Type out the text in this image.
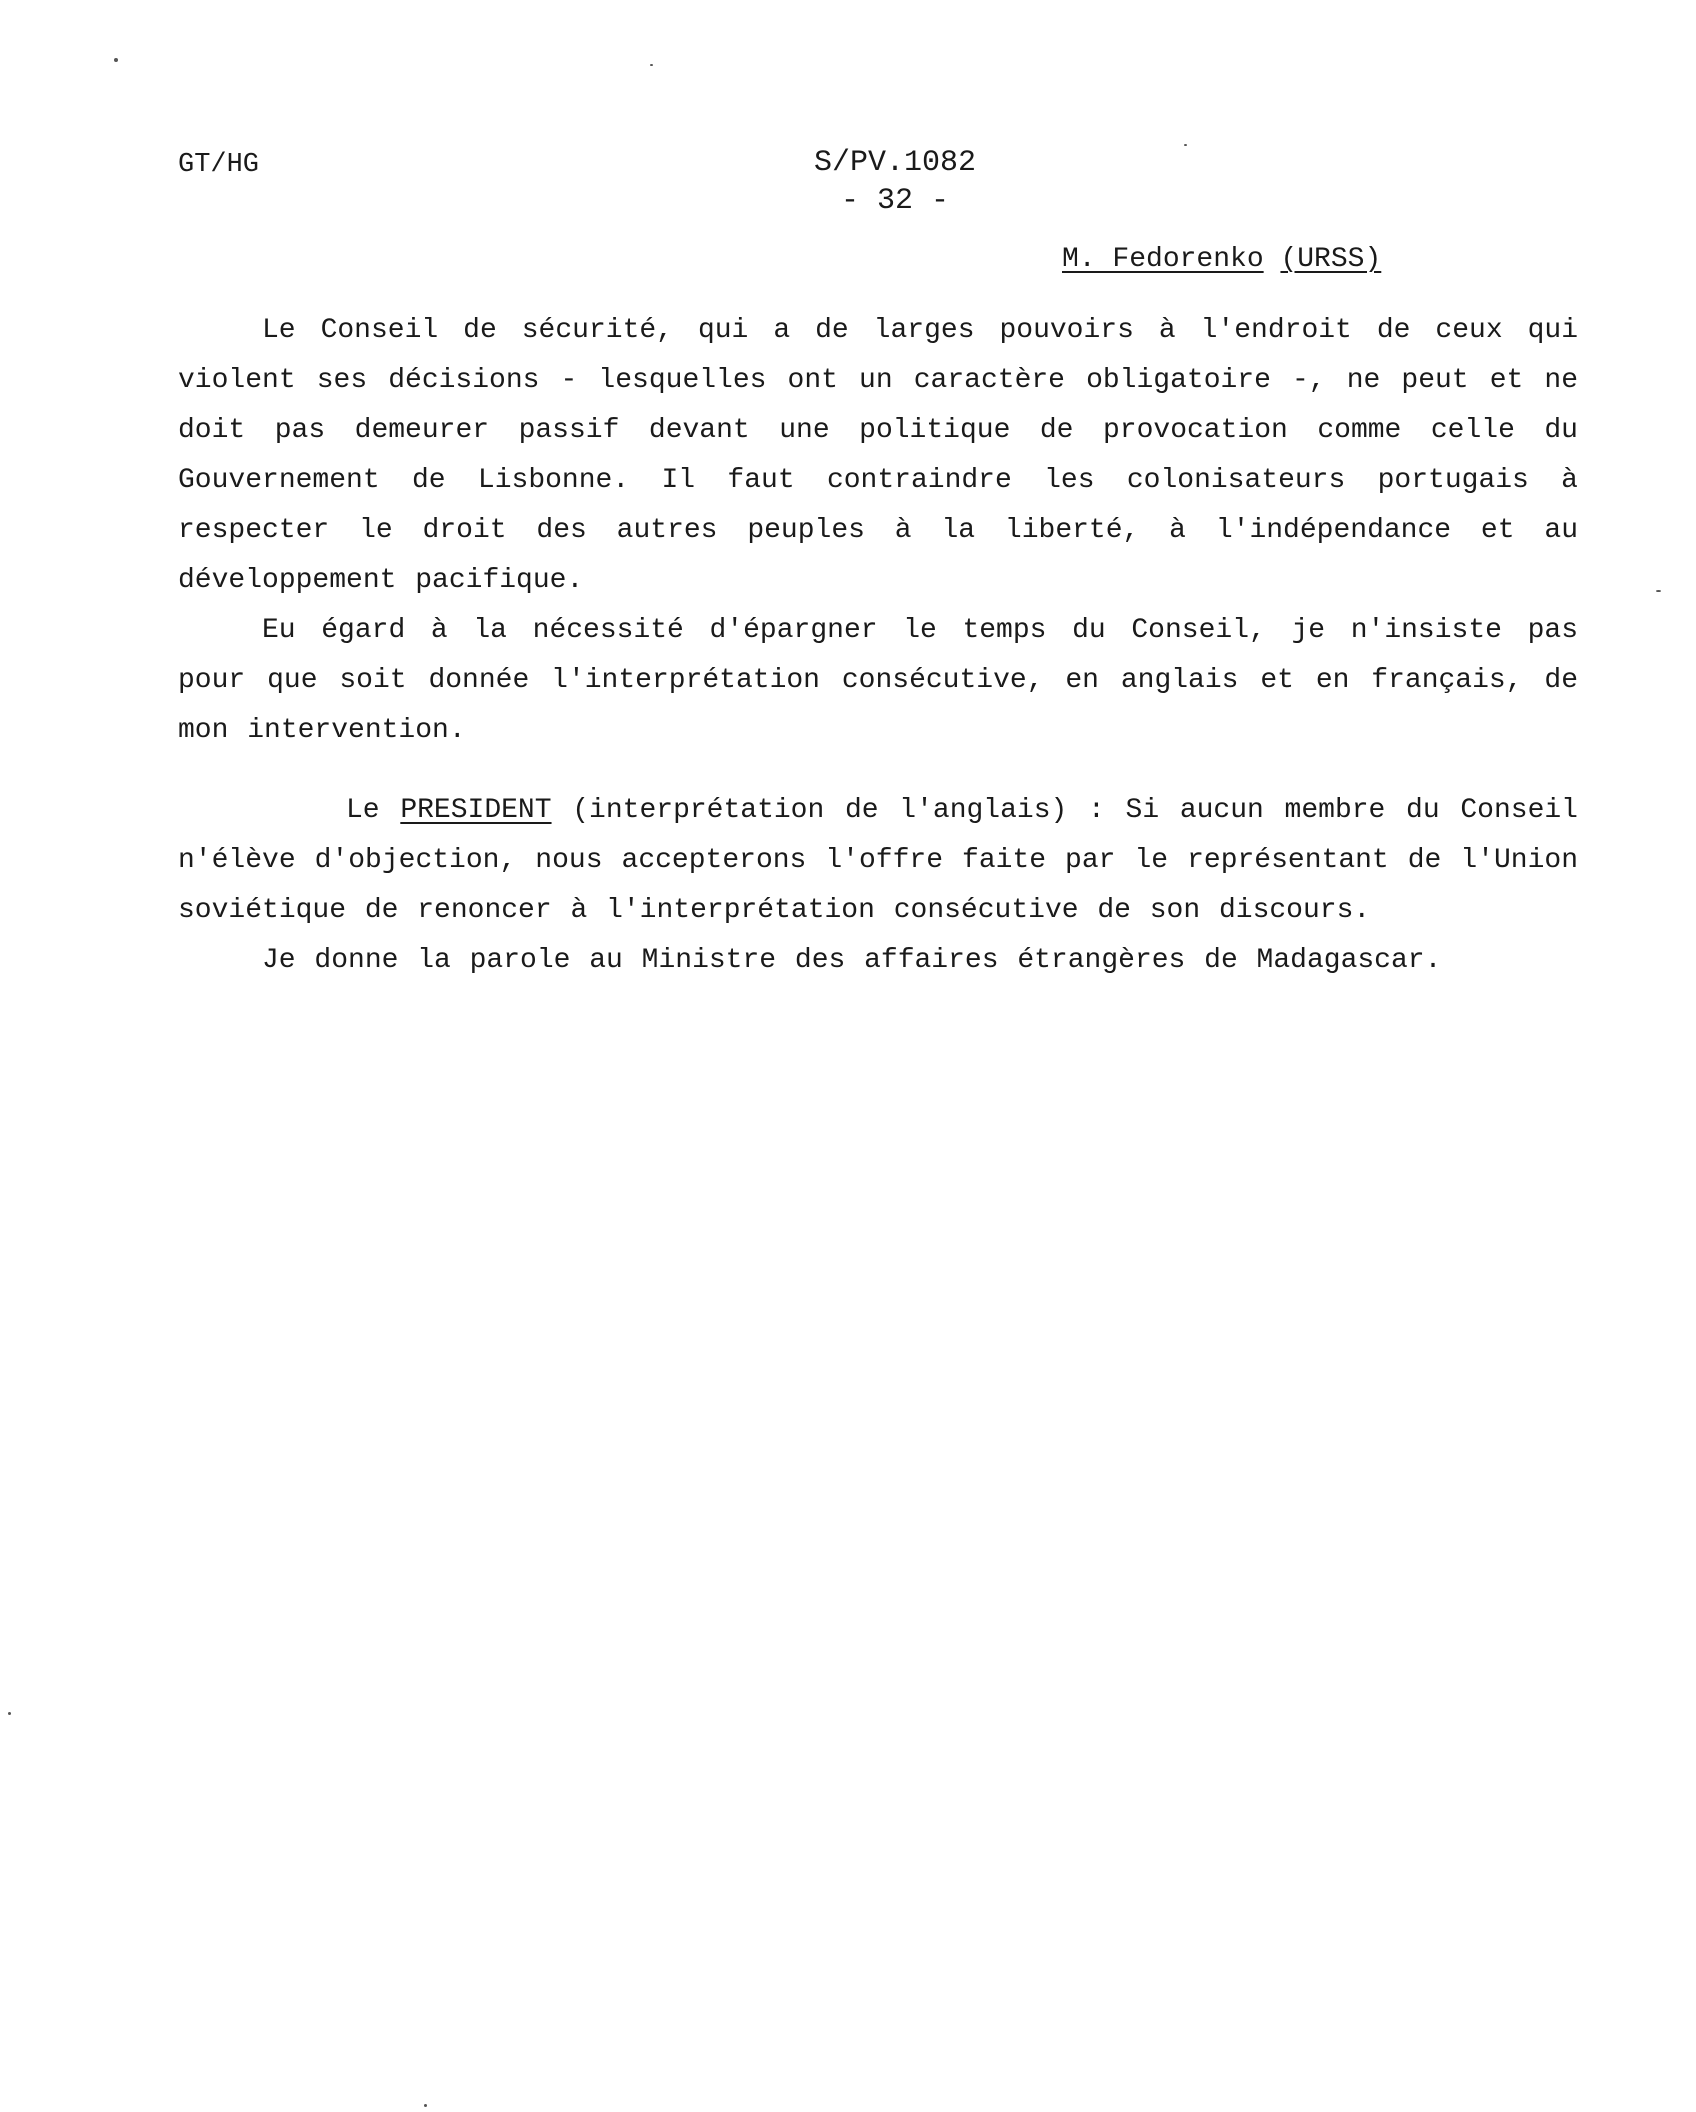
GT/HG	S/PV.1082
- 32 -
M. Fedorenko (URSS)

Le Conseil de sécurité, qui a de larges pouvoirs à l'endroit de ceux qui violent ses décisions - lesquelles ont un caractère obligatoire -, ne peut et ne doit pas demeurer passif devant une politique de provocation comme celle du Gouvernement de Lisbonne. Il faut contraindre les colonisateurs portugais à respecter le droit des autres peuples à la liberté, à l'indépendance et au développement pacifique.

Eu égard à la nécessité d'épargner le temps du Conseil, je n'insiste pas pour que soit donnée l'interprétation consécutive, en anglais et en français, de mon intervention.

Le PRESIDENT (interprétation de l'anglais) : Si aucun membre du Conseil n'élève d'objection, nous accepterons l'offre faite par le représentant de l'Union soviétique de renoncer à l'interprétation consécutive de son discours.

Je donne la parole au Ministre des affaires étrangères de Madagascar.
